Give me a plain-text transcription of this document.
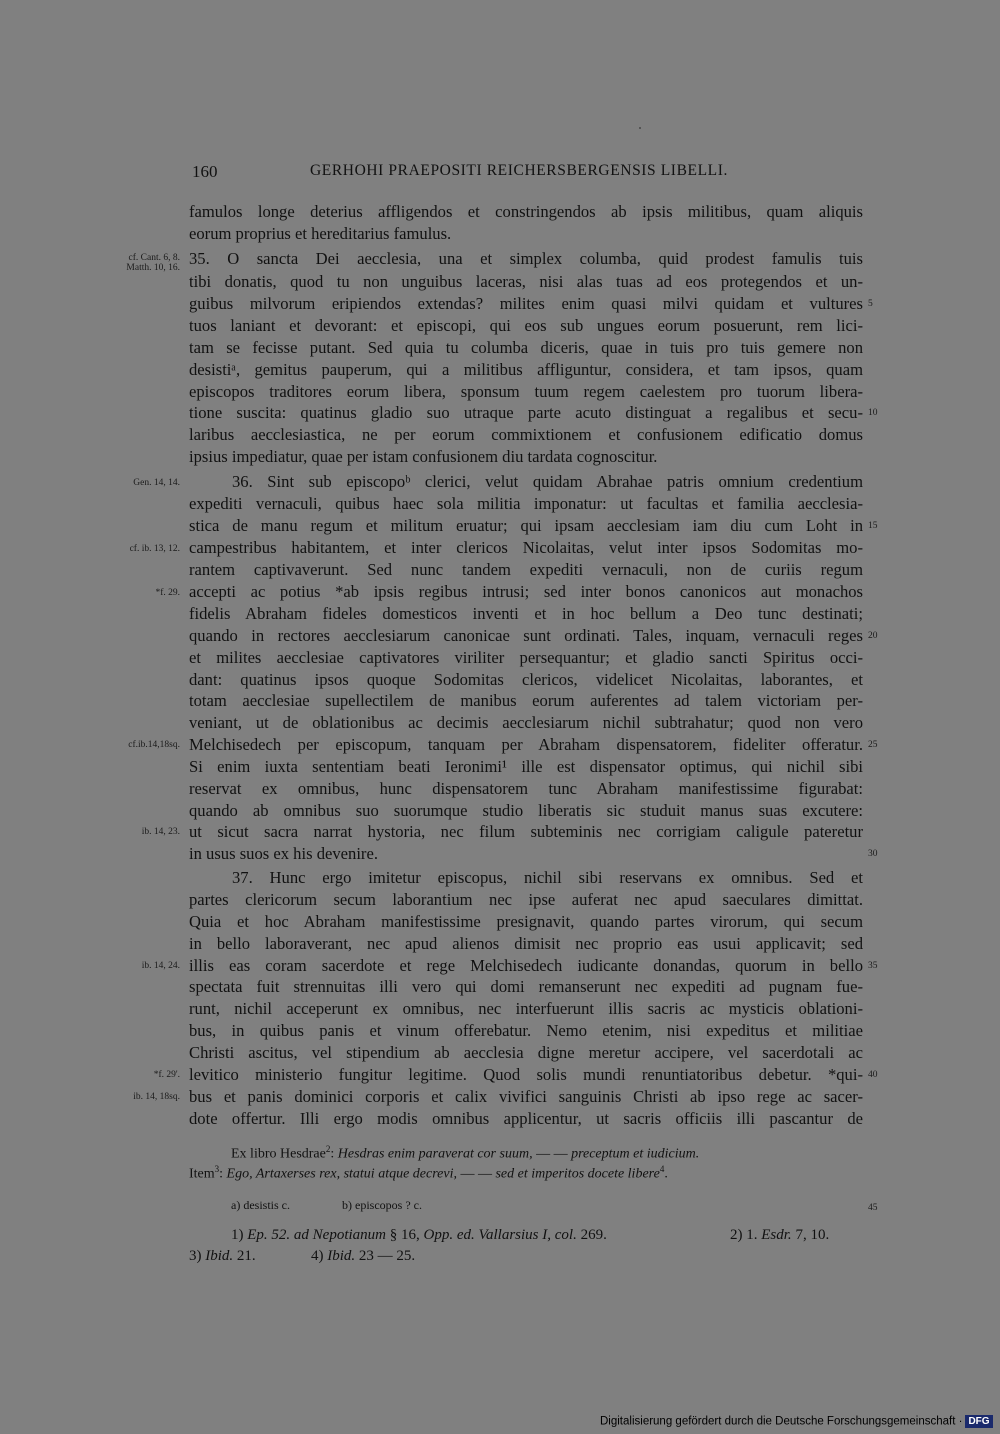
160	GERHOHI PRAEPOSITI REICHERSBERGENSIS LIBELLI.
famulos longe deterius affligendos et constringendos ab ipsis militibus, quam aliquis
eorum proprius et hereditarius famulus.
35. O sancta Dei aecclesia, una et simplex columba, quid prodest famulis tuis
tibi donatis, quod tu non unguibus laceras, nisi alas tuas ad eos protegendos et un-
guibus milvorum eripiendos extendas? milites enim quasi milvi quidam et vultures
tuos laniant et devorant: et episcopi, qui eos sub ungues eorum posuerunt, rem lici-
tam se fecisse putant. Sed quia tu columba diceris, quae in tuis pro tuis gemere non
desistiᵃ, gemitus pauperum, qui a militibus affliguntur, considera, et tam ipsos, quam
episcopos traditores eorum libera, sponsum tuum regem caelestem pro tuorum libera-
tione suscita: quatinus gladio suo utraque parte acuto distinguat a regalibus et secu-
laribus aecclesiastica, ne per eorum commixtionem et confusionem edificatio domus
ipsius impediatur, quae per istam confusionem diu tardata cognoscitur.
36. Sint sub episcopoᵇ clerici, velut quidam Abrahae patris omnium credentium
expediti vernaculi, quibus haec sola militia imponatur: ut facultas et familia aecclesia-
stica de manu regum et militum eruatur; qui ipsam aecclesiam iam diu cum Loht in
campestribus habitantem, et inter clericos Nicolaitas, velut inter ipsos Sodomitas mo-
rantem captivaverunt. Sed nunc tandem expediti vernaculi, non de curiis regum
accepti ac potius *ab ipsis regibus intrusi; sed inter bonos canonicos aut monachos
fidelis Abraham fideles domesticos inventi et in hoc bellum a Deo tunc destinati;
quando in rectores aecclesiarum canonicae sunt ordinati. Tales, inquam, vernaculi reges
et milites aecclesiae captivatores viriliter persequantur; et gladio sancti Spiritus occi-
dant: quatinus ipsos quoque Sodomitas clericos, videlicet Nicolaitas, laborantes, et
totam aecclesiae supellectilem de manibus eorum auferentes ad talem victoriam per-
veniant, ut de oblationibus ac decimis aecclesiarum nichil subtrahatur; quod non vero
Melchisedech per episcopum, tanquam per Abraham dispensatorem, fideliter offeratur.
Si enim iuxta sententiam beati Ieronimi¹ ille est dispensator optimus, qui nichil sibi
reservat ex omnibus, hunc dispensatorem tunc Abraham manifestissime figurabat:
quando ab omnibus suo suorumque studio liberatis sic studuit manus suas excutere:
ut sicut sacra narrat hystoria, nec filum subteminis nec corrigiam caligule pateretur
in usus suos ex his devenire.
37. Hunc ergo imitetur episcopus, nichil sibi reservans ex omnibus. Sed et
partes clericorum secum laborantium nec ipse auferat nec apud saeculares dimittat.
Quia et hoc Abraham manifestissime presignavit, quando partes virorum, qui secum
in bello laboraverant, nec apud alienos dimisit nec proprio eas usui applicavit; sed
illis eas coram sacerdote et rege Melchisedech iudicante donandas, quorum in bello
spectata fuit strennuitas illi vero qui domi remanserunt nec expediti ad pugnam fue-
runt, nichil acceperunt ex omnibus, nec interfuerunt illis sacris ac mysticis oblationi-
bus, in quibus panis et vinum offerebatur. Nemo etenim, nisi expeditus et militiae
Christi ascitus, vel stipendium ab aecclesia digne meretur accipere, vel sacerdotali ac
levitico ministerio fungitur legitime. Quod solis mundi renuntiatoribus debetur. *qui-
bus et panis dominici corporis et calix vivifici sanguinis Christi ab ipso rege ac sacer-
dote offertur. Illi ergo modis omnibus applicentur, ut sacris officiis illi pascantur de
cf. Cant. 6, 8.
Matth. 10, 16.
Gen. 14, 14.
cf. ib. 13, 12.
*f. 29.
cf.ib.14,18sq.
ib. 14, 23.
ib. 14, 24.
*f. 29'.
ib. 14, 18sq.
5
10
15
20
25
30
35
40
45
Ex libro Hesdrae$^2$: Hesdras enim paraverat cor suum, — — preceptum et iudicium.
Item$^3$: Ego, Artaxerses rex, statui atque decrevi, — — sed et imperitos docete libere$^4$.
a) desistis c.	b) episcopos ? c.
1) Ep. 52. ad Nepotianum § 16, Opp. ed. Vallarsius I, col. 269.	2) 1. Esdr. 7, 10.
3) Ibid. 21.	4) Ibid. 23 — 25.
Digitalisierung gefördert durch die Deutsche Forschungsgemeinschaft · DFG
